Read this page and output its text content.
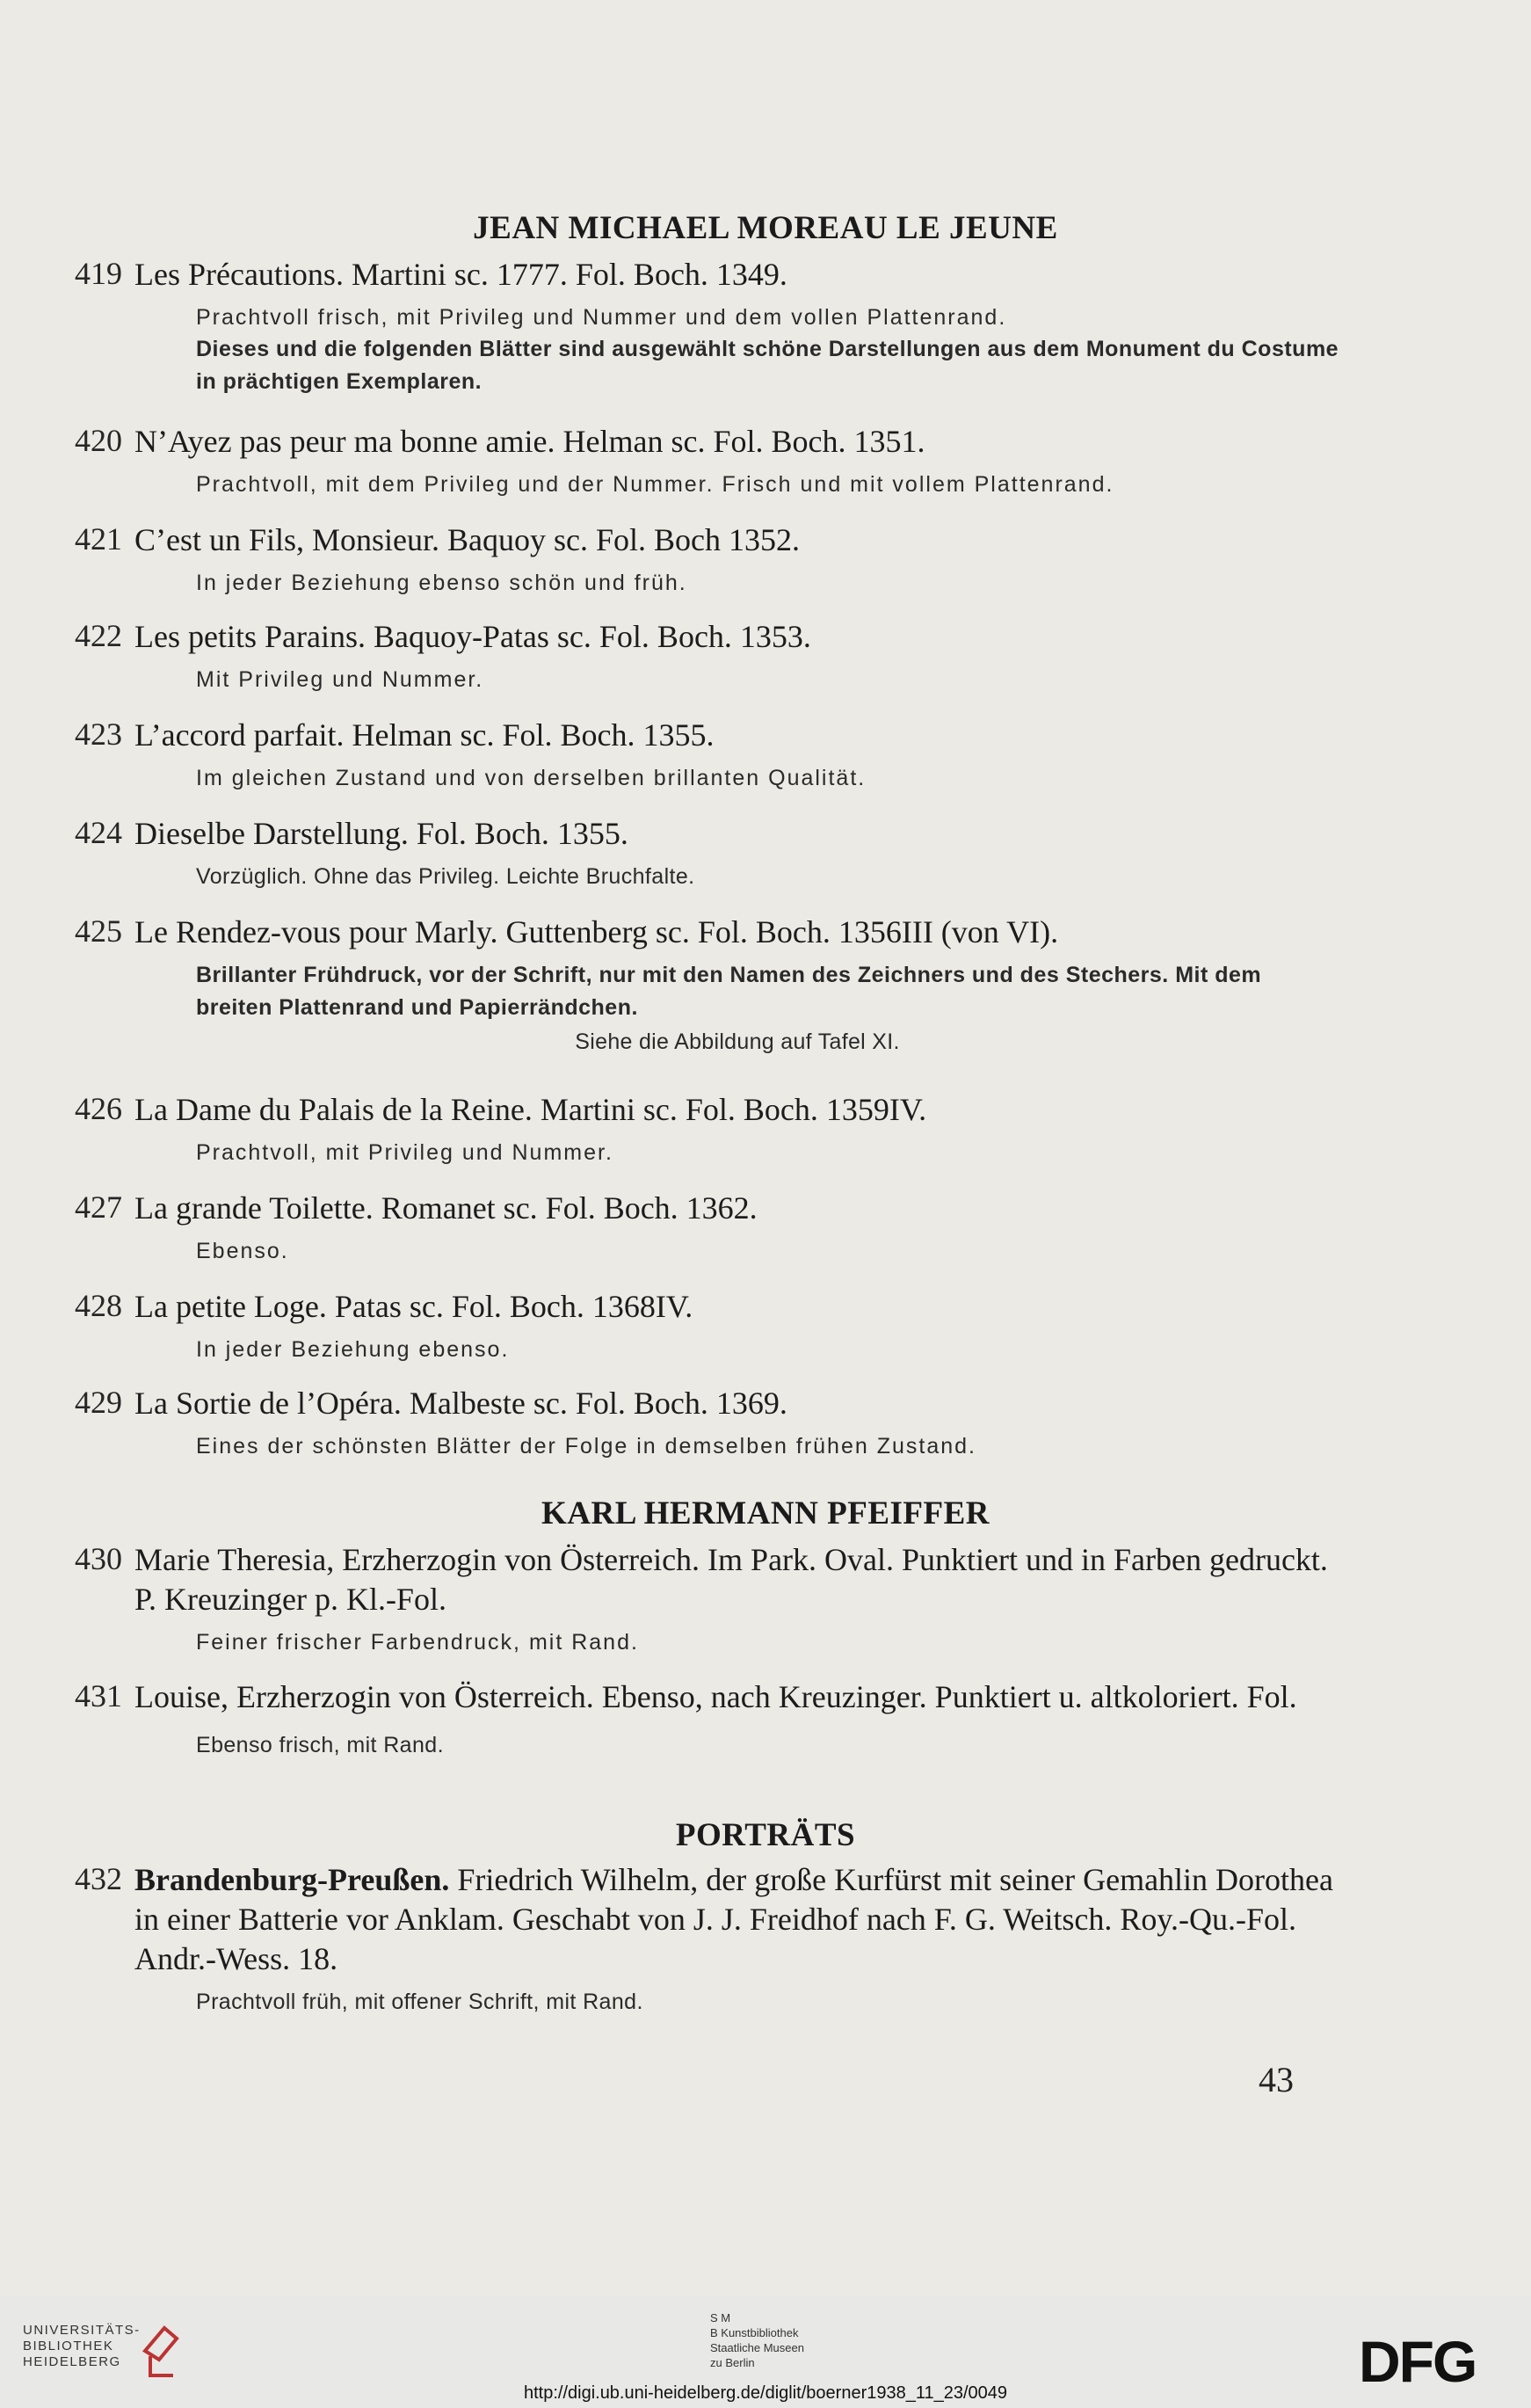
JEAN MICHAEL MOREAU LE JEUNE
419 Les Précautions. Martini sc. 1777. Fol. Boch. 1349.
Prachtvoll frisch, mit Privileg und Nummer und dem vollen Plattenrand.
Dieses und die folgenden Blätter sind ausgewählt schöne Darstellungen aus dem Monument du Costume in prächtigen Exemplaren.
420 N’Ayez pas peur ma bonne amie. Helman sc. Fol. Boch. 1351.
Prachtvoll, mit dem Privileg und der Nummer. Frisch und mit vollem Plattenrand.
421 C’est un Fils, Monsieur. Baquoy sc. Fol. Boch 1352.
In jeder Beziehung ebenso schön und früh.
422 Les petits Parains. Baquoy-Patas sc. Fol. Boch. 1353.
Mit Privileg und Nummer.
423 L’accord parfait. Helman sc. Fol. Boch. 1355.
Im gleichen Zustand und von derselben brillanten Qualität.
424 Dieselbe Darstellung. Fol. Boch. 1355.
Vorzüglich. Ohne das Privileg. Leichte Bruchfalte.
425 Le Rendez-vous pour Marly. Guttenberg sc. Fol. Boch. 1356III (von VI).
Brillanter Frühdruck, vor der Schrift, nur mit den Namen des Zeichners und des Stechers. Mit dem breiten Plattenrand und Papierrändchen.
Siehe die Abbildung auf Tafel XI.
426 La Dame du Palais de la Reine. Martini sc. Fol. Boch. 1359IV.
Prachtvoll, mit Privileg und Nummer.
427 La grande Toilette. Romanet sc. Fol. Boch. 1362.
Ebenso.
428 La petite Loge. Patas sc. Fol. Boch. 1368IV.
In jeder Beziehung ebenso.
429 La Sortie de l’Opéra. Malbeste sc. Fol. Boch. 1369.
Eines der schönsten Blätter der Folge in demselben frühen Zustand.
KARL HERMANN PFEIFFER
430 Marie Theresia, Erzherzogin von Österreich. Im Park. Oval. Punktiert und in Farben gedruckt. P. Kreuzinger p. Kl.-Fol.
Feiner frischer Farbendruck, mit Rand.
431 Louise, Erzherzogin von Österreich. Ebenso, nach Kreuzinger. Punktiert u. altkoloriert. Fol.
Ebenso frisch, mit Rand.
PORTRÄTS
432 Brandenburg-Preußen. Friedrich Wilhelm, der große Kurfürst mit seiner Gemahlin Dorothea in einer Batterie vor Anklam. Geschabt von J. J. Freidhof nach F. G. Weitsch. Roy.-Qu.-Fol. Andr.-Wess. 18.
Prachtvoll früh, mit offener Schrift, mit Rand.
43
UNIVERSITÄTS-
BIBLIOTHEK
HEIDELBERG
S M
B Kunstbibliothek
Staatliche Museen
zu Berlin	DFG
http://digi.ub.uni-heidelberg.de/diglit/boerner1938_11_23/0049
